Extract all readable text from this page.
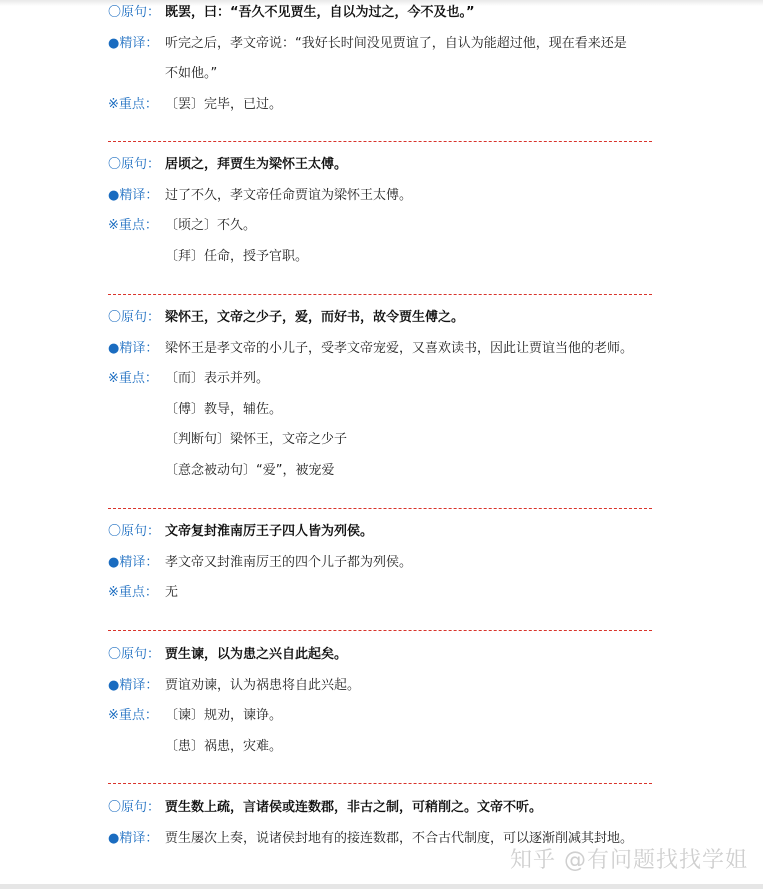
〇原句： 既罢，曰：“吾久不见贾生，自以为过之，今不及也。”
●精译： 听完之后，孝文帝说：“我好长时间没见贾谊了，自认为能超过他，现在看来还是
不如他。”
※重点： 〔罢〕完毕，已过。
〇原句： 居顷之，拜贾生为梁怀王太傅。
●精译： 过了不久，孝文帝任命贾谊为梁怀王太傅。
※重点： 〔顷之〕不久。
〔拜〕任命，授予官职。
〇原句： 梁怀王，文帝之少子，爱，而好书，故令贾生傅之。
●精译： 梁怀王是孝文帝的小儿子，受孝文帝宠爱，又喜欢读书，因此让贾谊当他的老师。
※重点： 〔而〕表示并列。
〔傅〕教导，辅佐。
〔判断句〕梁怀王，文帝之少子
〔意念被动句〕“爱”，被宠爱
〇原句： 文帝复封淮南厉王子四人皆为列侯。
●精译： 孝文帝又封淮南厉王的四个儿子都为列侯。
※重点： 无
〇原句： 贾生谏，以为患之兴自此起矣。
●精译： 贾谊劝谏，认为祸患将自此兴起。
※重点： 〔谏〕规劝，谏诤。
〔患〕祸患，灾难。
〇原句： 贾生数上疏，言诸侯或连数郡，非古之制，可稍削之。文帝不听。
●精译： 贾生屡次上奏，说诸侯封地有的接连数郡，不合古代制度，可以逐渐削减其封地。
知乎 @有问题找找学姐
